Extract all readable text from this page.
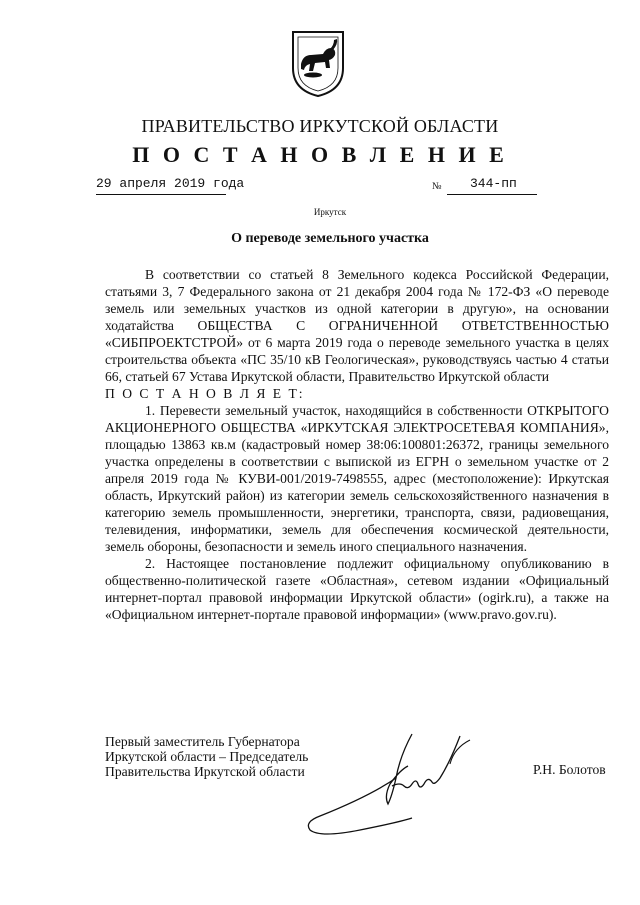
ПРАВИТЕЛЬСТВО ИРКУТСКОЙ ОБЛАСТИ
П О С Т А Н О В Л Е Н И Е
29 апреля 2019 года	№ 344-пп
Иркутск
О переводе земельного участка

В соответствии со статьей 8 Земельного кодекса Российской Федерации, статьями 3, 7 Федерального закона от 21 декабря 2004 года № 172-ФЗ «О переводе земель или земельных участков из одной категории в другую», на основании ходатайства ОБЩЕСТВА С ОГРАНИЧЕННОЙ ОТВЕТСТВЕННОСТЬЮ «СИБПРОЕКТСТРОЙ» от 6 марта 2019 года о переводе земельного участка в целях строительства объекта «ПС 35/10 кВ Геологическая», руководствуясь частью 4 статьи 66, статьей 67 Устава Иркутской области, Правительство Иркутской области

П О С Т А Н О В Л Я Е Т:

1. Перевести земельный участок, находящийся в собственности ОТКРЫТОГО АКЦИОНЕРНОГО ОБЩЕСТВА «ИРКУТСКАЯ ЭЛЕКТРОСЕТЕВАЯ КОМПАНИЯ», площадью 13863 кв.м (кадастровый номер 38:06:100801:26372, границы земельного участка определены в соответствии с выпиской из ЕГРН о земельном участке от 2 апреля 2019 года № КУВИ-001/2019-7498555, адрес (местоположение): Иркутская область, Иркутский район) из категории земель сельскохозяйственного назначения в категорию земель промышленности, энергетики, транспорта, связи, радиовещания, телевидения, информатики, земель для обеспечения космической деятельности, земель обороны, безопасности и земель иного специального назначения.

2. Настоящее постановление подлежит официальному опубликованию в общественно-политической газете «Областная», сетевом издании «Официальный интернет-портал правовой информации Иркутской области» (ogirk.ru), а также на «Официальном интернет-портале правовой информации» (www.pravo.gov.ru).

Первый заместитель Губернатора
Иркутской области – Председатель
Правительства Иркутской области	Р.Н. Болотов
